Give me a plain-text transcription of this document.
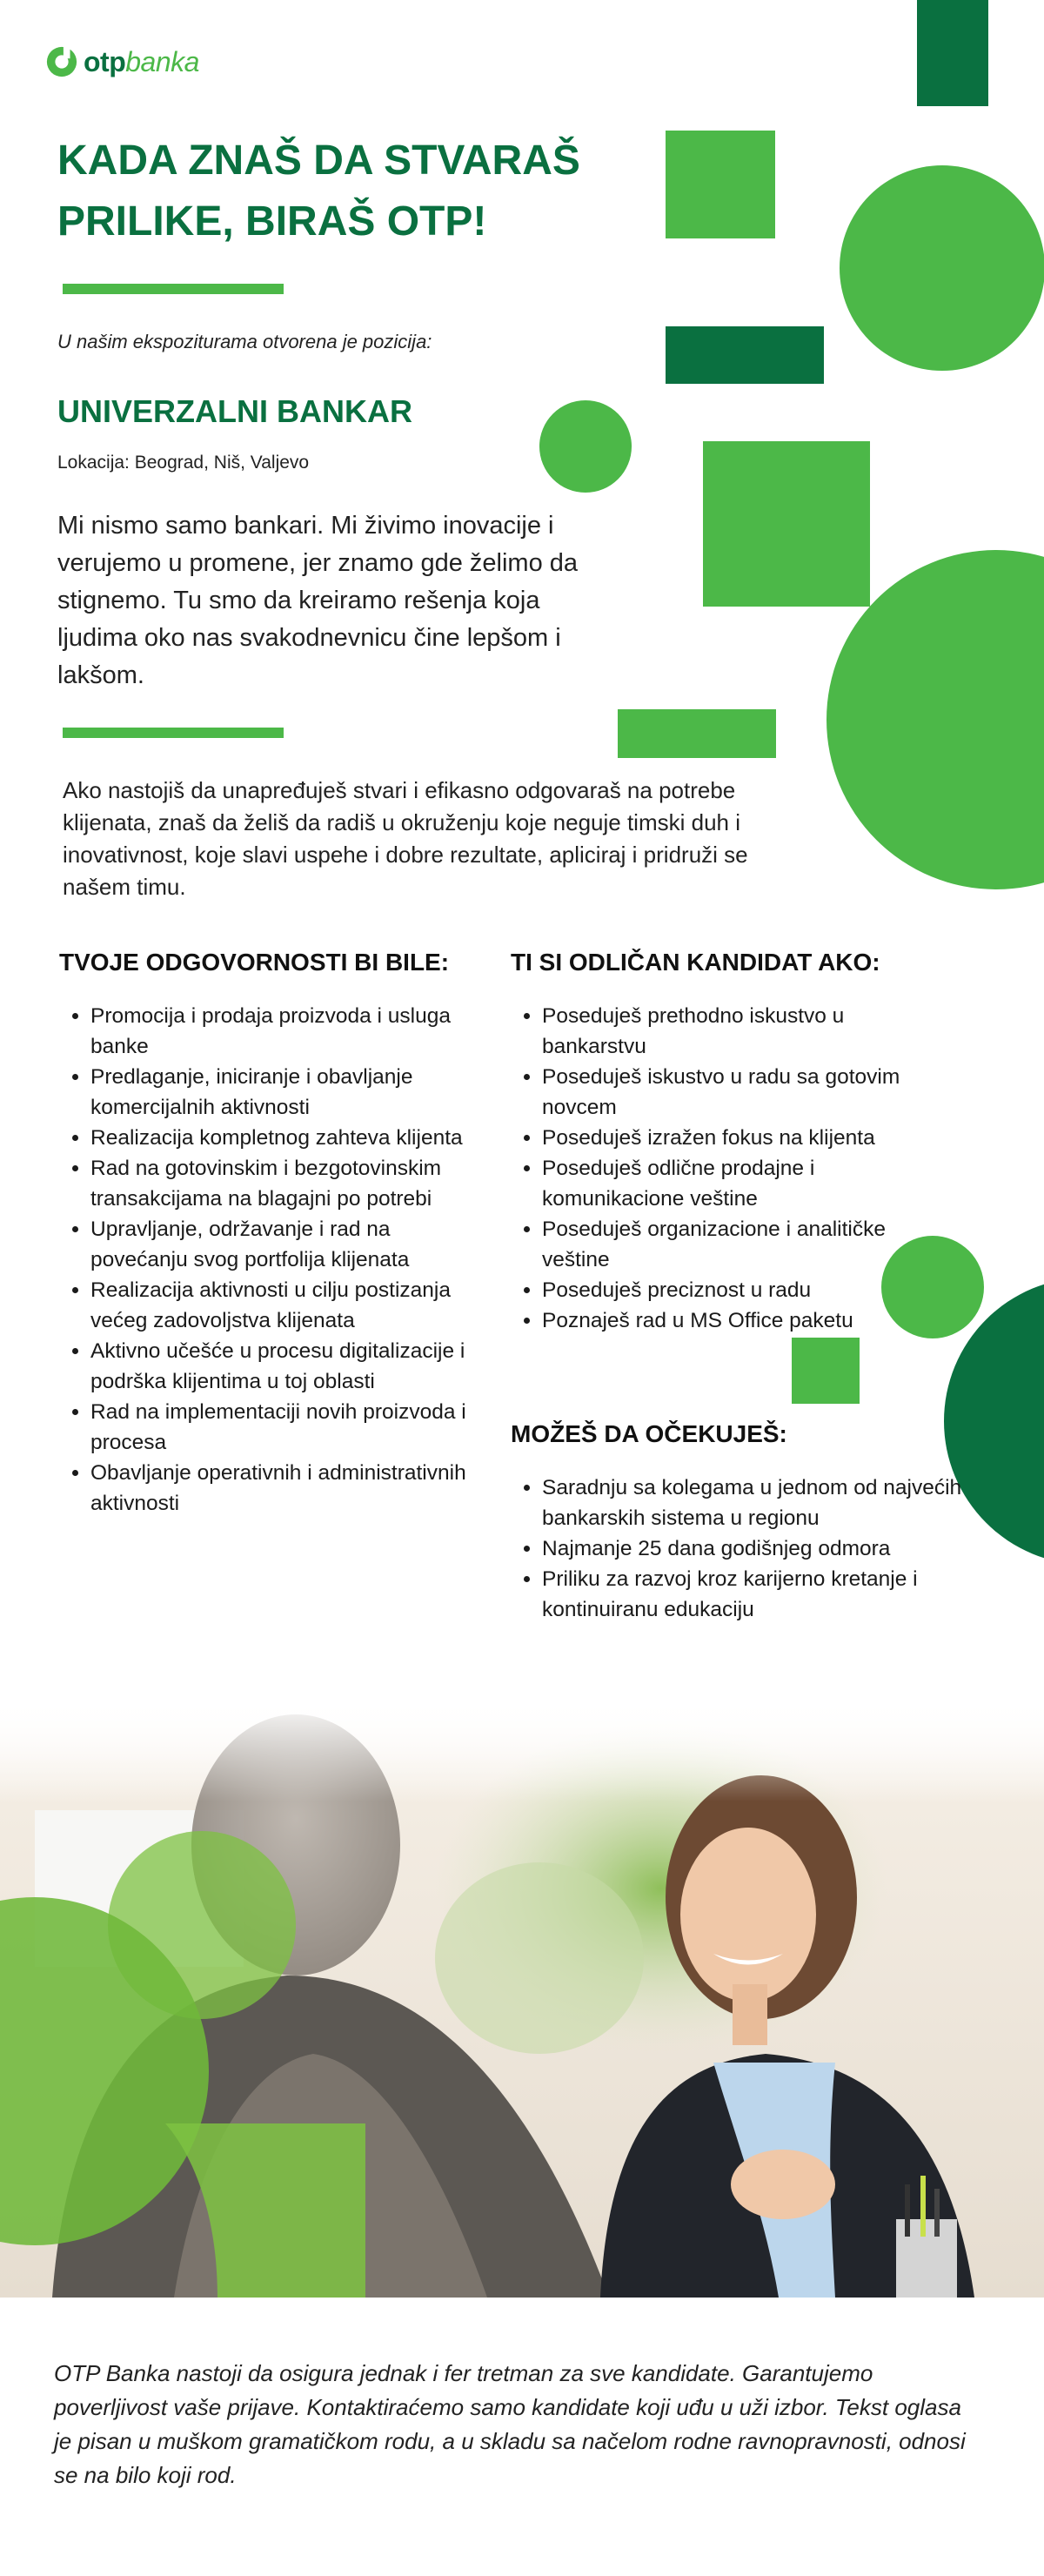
otpbanka
KADA ZNAŠ DA STVARAŠ
PRILIKE, BIRAŠ OTP!
U našim ekspoziturama otvorena je pozicija:
UNIVERZALNI BANKAR
Lokacija: Beograd, Niš, Valjevo

Mi nismo samo bankari. Mi živimo inovacije i verujemo u promene, jer znamo gde želimo da stignemo. Tu smo da kreiramo rešenja koja ljudima oko nas svakodnevnicu čine lepšom i lakšom.

Ako nastojiš da unapređuješ stvari i efikasno odgovaraš na potrebe klijenata, znaš da želiš da radiš u okruženju koje neguje timski duh i inovativnost, koje slavi uspehe i dobre rezultate, apliciraj i pridruži se našem timu.

TVOJE ODGOVORNOSTI BI BILE:
• Promocija i prodaja proizvoda i usluga banke
• Predlaganje, iniciranje i obavljanje komercijalnih aktivnosti
• Realizacija kompletnog zahteva klijenta
• Rad na gotovinskim i bezgotovinskim transakcijama na blagajni po potrebi
• Upravljanje, održavanje i rad na povećanju svog portfolija klijenata
• Realizacija aktivnosti u cilju postizanja većeg zadovoljstva klijenata
• Aktivno učešće u procesu digitalizacije i podrška klijentima u toj oblasti
• Rad na implementaciji novih proizvoda i procesa
• Obavljanje operativnih i administrativnih aktivnosti
TI SI ODLIČAN KANDIDAT AKO:
• Poseduješ prethodno iskustvo u bankarstvu
• Poseduješ iskustvo u radu sa gotovim novcem
• Poseduješ izražen fokus na klijenta
• Poseduješ odlične prodajne i komunikacione veštine
• Poseduješ organizacione i analitičke veštine
• Poseduješ preciznost u radu
• Poznaješ rad u MS Office paketu
MOŽEŠ DA OČEKUJEŠ:
• Saradnju sa kolegama u jednom od najvećih bankarskih sistema u regionu
• Najmanje 25 dana godišnjeg odmora
• Priliku za razvoj kroz karijerno kretanje i kontinuiranu edukaciju

OTP Banka nastoji da osigura jednak i fer tretman za sve kandidate. Garantujemo poverljivost vaše prijave. Kontaktiraćemo samo kandidate koji uđu u uži izbor. Tekst oglasa je pisan u muškom gramatičkom rodu, a u skladu sa načelom rodne ravnopravnosti, odnosi se na bilo koji rod.
